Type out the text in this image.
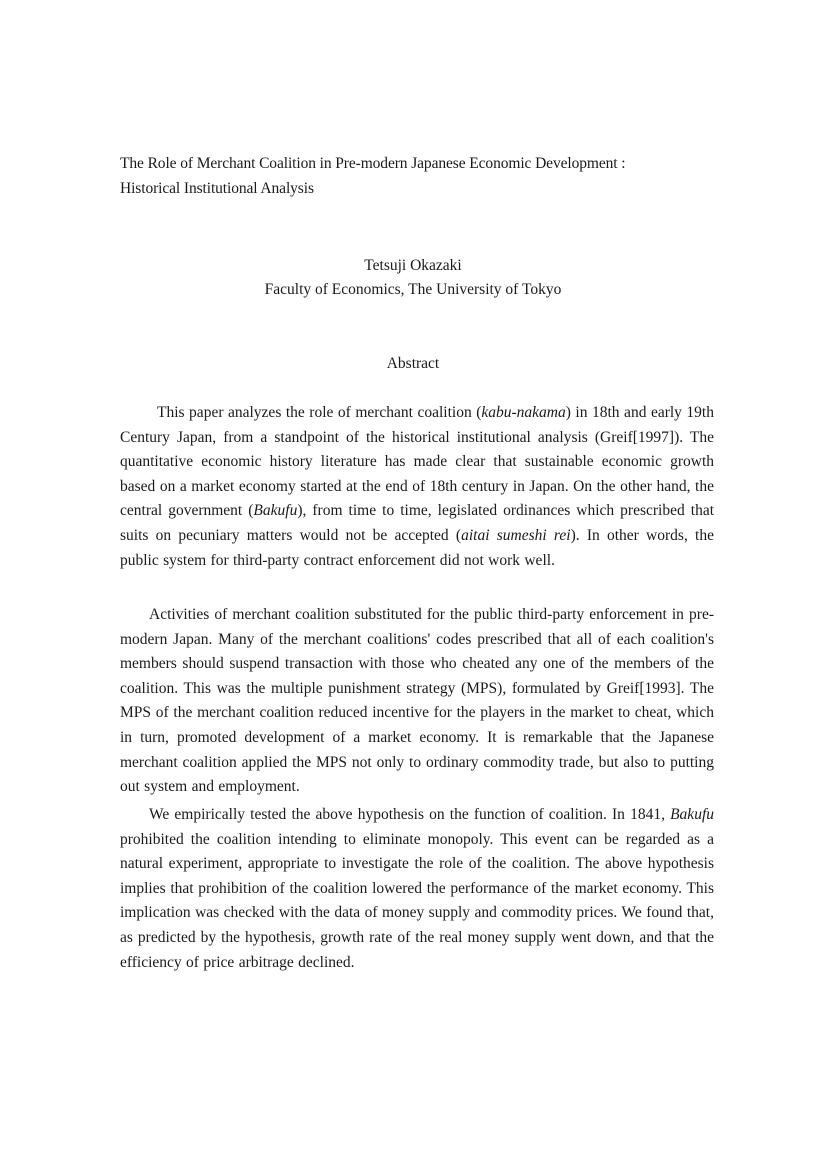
The Role of Merchant Coalition in Pre-modern Japanese Economic Development :
Historical Institutional Analysis
Tetsuji Okazaki
Faculty of Economics, The University of Tokyo
Abstract

This paper analyzes the role of merchant coalition (kabu-nakama) in 18th and early 19th Century Japan, from a standpoint of the historical institutional analysis (Greif[1997]). The quantitative economic history literature has made clear that sustainable economic growth based on a market economy started at the end of 18th century in Japan. On the other hand, the central government (Bakufu), from time to time, legislated ordinances which prescribed that suits on pecuniary matters would not be accepted (aitai sumeshi rei). In other words, the public system for third-party contract enforcement did not work well.

Activities of merchant coalition substituted for the public third-party enforcement in pre-modern Japan. Many of the merchant coalitions' codes prescribed that all of each coalition's members should suspend transaction with those who cheated any one of the members of the coalition. This was the multiple punishment strategy (MPS), formulated by Greif[1993]. The MPS of the merchant coalition reduced incentive for the players in the market to cheat, which in turn, promoted development of a market economy. It is remarkable that the Japanese merchant coalition applied the MPS not only to ordinary commodity trade, but also to putting out system and employment.

We empirically tested the above hypothesis on the function of coalition. In 1841, Bakufu prohibited the coalition intending to eliminate monopoly. This event can be regarded as a natural experiment, appropriate to investigate the role of the coalition. The above hypothesis implies that prohibition of the coalition lowered the performance of the market economy. This implication was checked with the data of money supply and commodity prices. We found that, as predicted by the hypothesis, growth rate of the real money supply went down, and that the efficiency of price arbitrage declined.
